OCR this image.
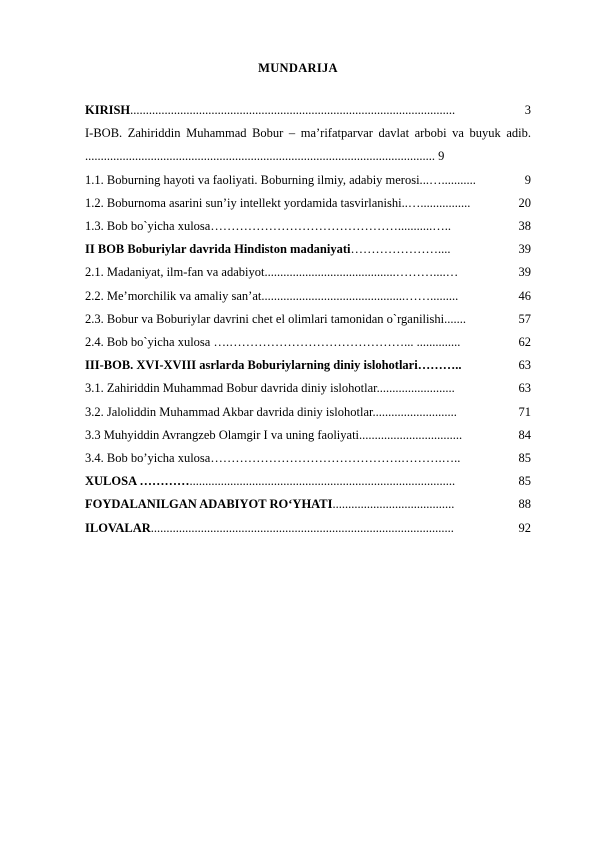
MUNDARIJA
KIRISH ........................................................................................................	3
I-BOB. Zahiriddin Muhammad Bobur – ma’rifatparvar davlat arbobi va buyuk adib. ................................................................................................................ 9
1.1. Boburning hayoti va faoliyati. Boburning ilmiy, adabiy merosi. ..…...........	9
1.2. Boburnoma asarini sun’iy intellekt yordamida tasvirlanishi. .…................	20
1.3. Bob bo`yicha xulosa ………………………………………...........…..	38
II BOB Boburiylar davrida Hindiston madaniyati …………………....	39
2.1. Madaniyat, ilm-fan va adabiyot ..........................................………....…	39
2.2. Me’morchilik va amaliy san’at ..............................................…….........	46
2.3. Bobur va Boburiylar davrini chet el olimlari tamonidan o`rganilishi .......	57
2.4. Bob bo`yicha xulosa …. ……………………………………... ..............	62
III-BOB. XVI-XVIII asrlarda Boburiylarning diniy islohotlari ………..	63
3.1. Zahiriddin Muhammad Bobur davrida diniy islohotlar. ........................	63
3.2. Jaloliddin Muhammad Akbar davrida diniy islohotlar. ..........................	71
3.3 Muhyiddin Avrangzeb Olamgir I va uning faoliyati .................................	84
3.4. Bob bo’yicha xulosa ……………………………………….……….…..	85
XULOSA ………… .....................................................................................	85
FOYDALANILGAN ADABIYOT RO‘YHATI .......................................	88
ILOVALAR .................................................................................................	92
